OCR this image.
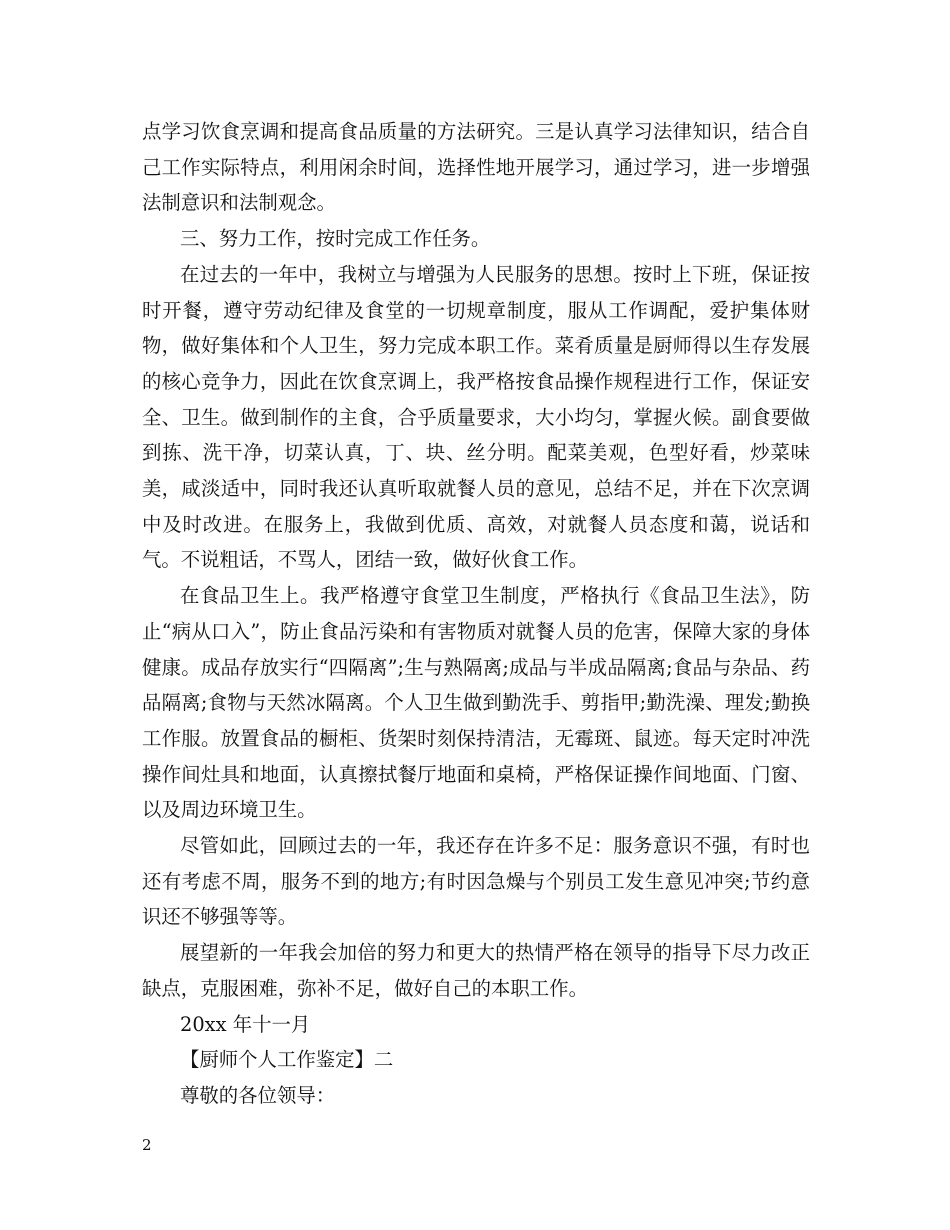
点学习饮食烹调和提高食品质量的方法研究。三是认真学习法律知识，结合自己工作实际特点，利用闲余时间，选择性地开展学习，通过学习，进一步增强法制意识和法制观念。

三、努力工作，按时完成工作任务。

在过去的一年中，我树立与增强为人民服务的思想。按时上下班，保证按时开餐，遵守劳动纪律及食堂的一切规章制度，服从工作调配，爱护集体财物，做好集体和个人卫生，努力完成本职工作。菜肴质量是厨师得以生存发展的核心竞争力，因此在饮食烹调上，我严格按食品操作规程进行工作，保证安全、卫生。做到制作的主食，合乎质量要求，大小均匀，掌握火候。副食要做到拣、洗干净，切菜认真，丁、块、丝分明。配菜美观，色型好看，炒菜味美，咸淡适中，同时我还认真听取就餐人员的意见，总结不足，并在下次烹调中及时改进。在服务上，我做到优质、高效，对就餐人员态度和蔼，说话和气。不说粗话，不骂人，团结一致，做好伙食工作。

在食品卫生上。我严格遵守食堂卫生制度，严格执行《食品卫生法》，防止“病从口入”，防止食品污染和有害物质对就餐人员的危害，保障大家的身体健康。成品存放实行“四隔离”;生与熟隔离;成品与半成品隔离;食品与杂品、药品隔离;食物与天然冰隔离。个人卫生做到勤洗手、剪指甲;勤洗澡、理发;勤换工作服。放置食品的橱柜、货架时刻保持清洁，无霉斑、鼠迹。每天定时冲洗操作间灶具和地面，认真擦拭餐厅地面和桌椅，严格保证操作间地面、门窗、以及周边环境卫生。

尽管如此，回顾过去的一年，我还存在许多不足：服务意识不强，有时也还有考虑不周，服务不到的地方;有时因急燥与个别员工发生意见冲突;节约意识还不够强等等。

展望新的一年我会加倍的努力和更大的热情严格在领导的指导下尽力改正缺点，克服困难，弥补不足，做好自己的本职工作。

20xx 年十一月

【厨师个人工作鉴定】二

尊敬的各位领导：

2
